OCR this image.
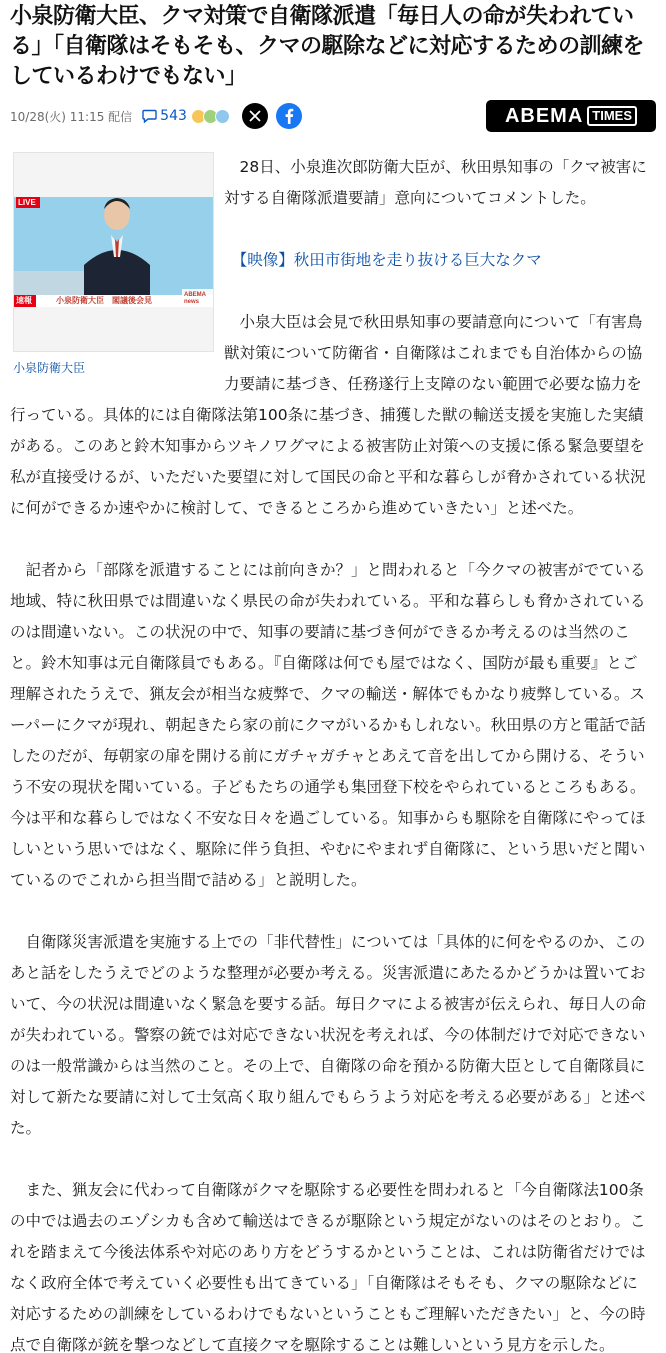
小泉防衛大臣、クマ対策で自衛隊派遣「毎日人の命が失われている」「自衛隊はそもそも、クマの駆除などに対応するための訓練をしているわけでもない」
10/28(火) 11:15 配信 543	ABEMA TIMES
LIVE
速報	小泉防衛大臣　閣議後会見
ABEMA news
小泉防衛大臣

28日、小泉進次郎防衛大臣が、秋田県知事の「クマ被害に対する自衛隊派遣要請」意向についてコメントした。

【映像】秋田市街地を走り抜ける巨大なクマ

小泉大臣は会見で秋田県知事の要請意向について「有害鳥獣対策について防衛省・自衛隊はこれまでも自治体からの協力要請に基づき、任務遂行上支障のない範囲で必要な協力を行っている。具体的には自衛隊法第100条に基づき、捕獲した獣の輸送支援を実施した実績がある。このあと鈴木知事からツキノワグマによる被害防止対策への支援に係る緊急要望を私が直接受けるが、いただいた要望に対して国民の命と平和な暮らしが脅かされている状況に何ができるか速やかに検討して、できるところから進めていきたい」と述べた。

記者から「部隊を派遣することには前向きか？」と問われると「今クマの被害がでている地域、特に秋田県では間違いなく県民の命が失われている。平和な暮らしも脅かされているのは間違いない。この状況の中で、知事の要請に基づき何ができるか考えるのは当然のこと。鈴木知事は元自衛隊員でもある。『自衛隊は何でも屋ではなく、国防が最も重要』とご理解されたうえで、猟友会が相当な疲弊で、クマの輸送・解体でもかなり疲弊している。スーパーにクマが現れ、朝起きたら家の前にクマがいるかもしれない。秋田県の方と電話で話したのだが、毎朝家の扉を開ける前にガチャガチャとあえて音を出してから開ける、そういう不安の現状を聞いている。子どもたちの通学も集団登下校をやられているところもある。今は平和な暮らしではなく不安な日々を過ごしている。知事からも駆除を自衛隊にやってほしいという思いではなく、駆除に伴う負担、やむにやまれず自衛隊に、という思いだと聞いているのでこれから担当間で詰める」と説明した。

自衛隊災害派遣を実施する上での「非代替性」については「具体的に何をやるのか、このあと話をしたうえでどのような整理が必要か考える。災害派遣にあたるかどうかは置いておいて、今の状況は間違いなく緊急を要する話。毎日クマによる被害が伝えられ、毎日人の命が失われている。警察の銃では対応できない状況を考えれば、今の体制だけで対応できないのは一般常識からは当然のこと。その上で、自衛隊の命を預かる防衛大臣として自衛隊員に対して新たな要請に対して士気高く取り組んでもらうよう対応を考える必要がある」と述べた。

また、猟友会に代わって自衛隊がクマを駆除する必要性を問われると「今自衛隊法100条の中では過去のエゾシカも含めて輸送はできるが駆除という規定がないのはそのとおり。これを踏まえて今後法体系や対応のあり方をどうするかということは、これは防衛省だけではなく政府全体で考えていく必要性も出てきている」「自衛隊はそもそも、クマの駆除などに対応するための訓練をしているわけでもないということもご理解いただきたい」と、今の時点で自衛隊が銃を撃つなどして直接クマを駆除することは難しいという見方を示した。
